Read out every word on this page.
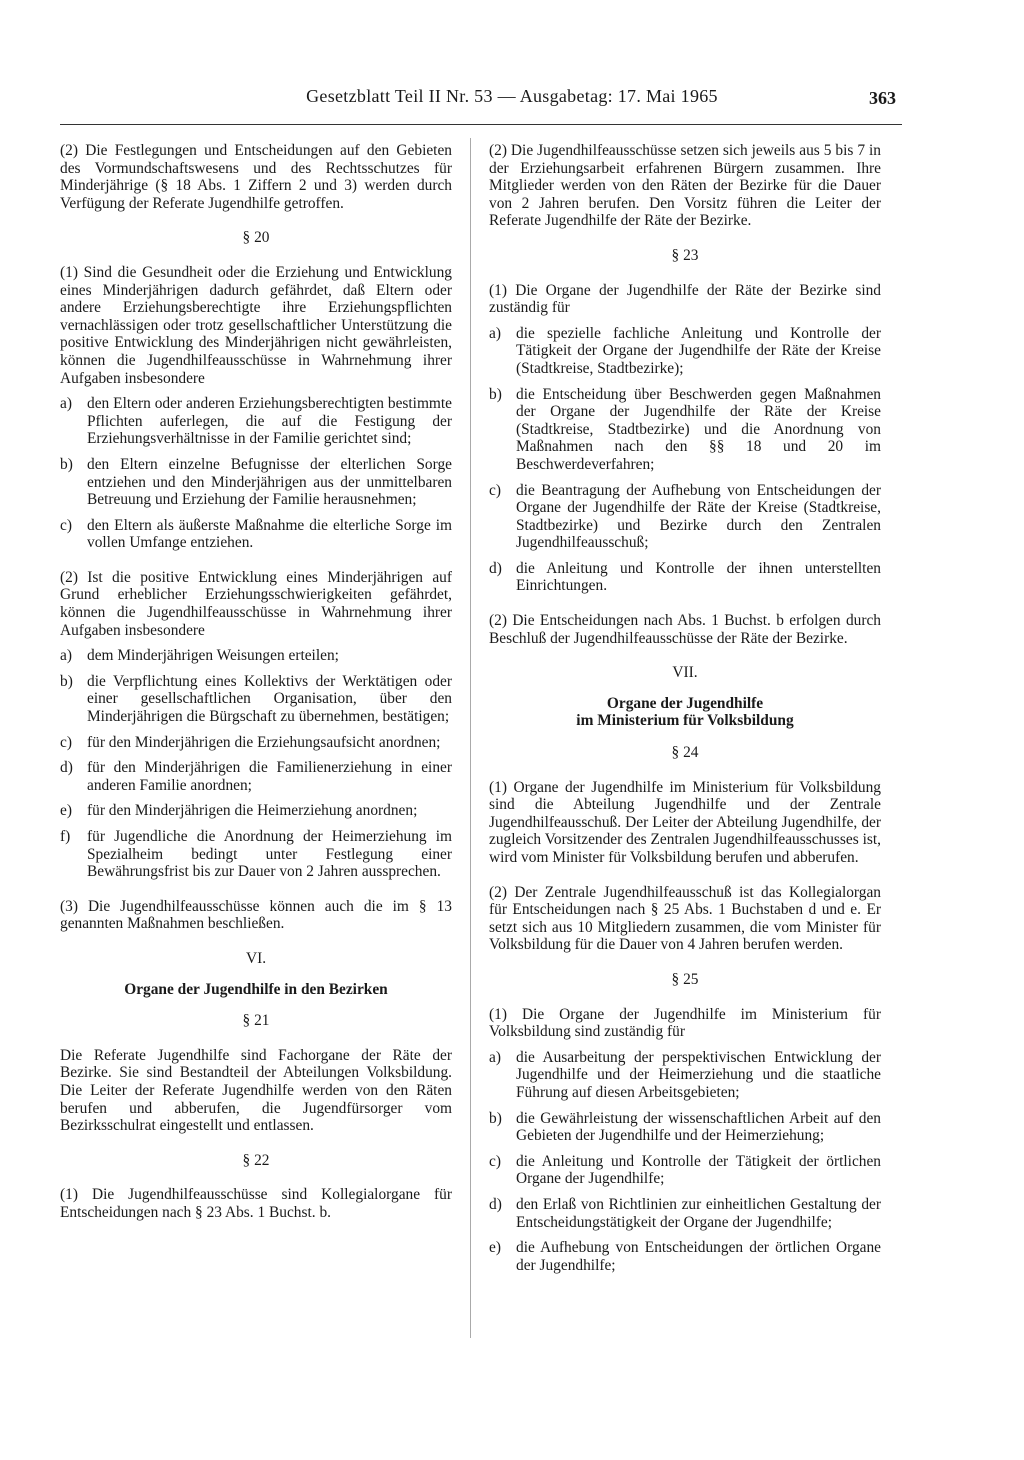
Gesetzblatt Teil II Nr. 53 — Ausgabetag: 17. Mai 1965	363

(2) Die Festlegungen und Entscheidungen auf den Gebieten des Vormundschaftswesens und des Rechtsschutzes für Minderjährige (§ 18 Abs. 1 Ziffern 2 und 3) werden durch Verfügung der Referate Jugendhilfe getroffen.

§ 20

(1) Sind die Gesundheit oder die Erziehung und Entwicklung eines Minderjährigen dadurch gefährdet, daß Eltern oder andere Erziehungsberechtigte ihre Erziehungspflichten vernachlässigen oder trotz gesellschaftlicher Unterstützung die positive Entwicklung des Minderjährigen nicht gewährleisten, können die Jugendhilfeausschüsse in Wahrnehmung ihrer Aufgaben insbesondere

a) den Eltern oder anderen Erziehungsberechtigten bestimmte Pflichten auferlegen, die auf die Festigung der Erziehungsverhältnisse in der Familie gerichtet sind;
b) den Eltern einzelne Befugnisse der elterlichen Sorge entziehen und den Minderjährigen aus der unmittelbaren Betreuung und Erziehung der Familie herausnehmen;
c) den Eltern als äußerste Maßnahme die elterliche Sorge im vollen Umfange entziehen.

(2) Ist die positive Entwicklung eines Minderjährigen auf Grund erheblicher Erziehungsschwierigkeiten gefährdet, können die Jugendhilfeausschüsse in Wahrnehmung ihrer Aufgaben insbesondere

a) dem Minderjährigen Weisungen erteilen;
b) die Verpflichtung eines Kollektivs der Werktätigen oder einer gesellschaftlichen Organisation, über den Minderjährigen die Bürgschaft zu übernehmen, bestätigen;
c) für den Minderjährigen die Erziehungsaufsicht anordnen;
d) für den Minderjährigen die Familienerziehung in einer anderen Familie anordnen;
e) für den Minderjährigen die Heimerziehung anordnen;
f) für Jugendliche die Anordnung der Heimerziehung im Spezialheim bedingt unter Festlegung einer Bewährungsfrist bis zur Dauer von 2 Jahren aussprechen.

(3) Die Jugendhilfeausschüsse können auch die im § 13 genannten Maßnahmen beschließen.

VI.
Organe der Jugendhilfe in den Bezirken
§ 21

Die Referate Jugendhilfe sind Fachorgane der Räte der Bezirke. Sie sind Bestandteil der Abteilungen Volksbildung. Die Leiter der Referate Jugendhilfe werden von den Räten berufen und abberufen, die Jugendfürsorger vom Bezirksschulrat eingestellt und entlassen.

§ 22

(1) Die Jugendhilfeausschüsse sind Kollegialorgane für Entscheidungen nach § 23 Abs. 1 Buchst. b.

(2) Die Jugendhilfeausschüsse setzen sich jeweils aus 5 bis 7 in der Erziehungsarbeit erfahrenen Bürgern zusammen. Ihre Mitglieder werden von den Räten der Bezirke für die Dauer von 2 Jahren berufen. Den Vorsitz führen die Leiter der Referate Jugendhilfe der Räte der Bezirke.

§ 23

(1) Die Organe der Jugendhilfe der Räte der Bezirke sind zuständig für

a) die spezielle fachliche Anleitung und Kontrolle der Tätigkeit der Organe der Jugendhilfe der Räte der Kreise (Stadtkreise, Stadtbezirke);
b) die Entscheidung über Beschwerden gegen Maßnahmen der Organe der Jugendhilfe der Räte der Kreise (Stadtkreise, Stadtbezirke) und die Anordnung von Maßnahmen nach den §§ 18 und 20 im Beschwerdeverfahren;
c) die Beantragung der Aufhebung von Entscheidungen der Organe der Jugendhilfe der Räte der Kreise (Stadtkreise, Stadtbezirke) und Bezirke durch den Zentralen Jugendhilfeausschuß;
d) die Anleitung und Kontrolle der ihnen unterstellten Einrichtungen.

(2) Die Entscheidungen nach Abs. 1 Buchst. b erfolgen durch Beschluß der Jugendhilfeausschüsse der Räte der Bezirke.

VII.
Organe der Jugendhilfe
im Ministerium für Volksbildung
§ 24

(1) Organe der Jugendhilfe im Ministerium für Volksbildung sind die Abteilung Jugendhilfe und der Zentrale Jugendhilfeausschuß. Der Leiter der Abteilung Jugendhilfe, der zugleich Vorsitzender des Zentralen Jugendhilfeausschusses ist, wird vom Minister für Volksbildung berufen und abberufen.

(2) Der Zentrale Jugendhilfeausschuß ist das Kollegialorgan für Entscheidungen nach § 25 Abs. 1 Buchstaben d und e. Er setzt sich aus 10 Mitgliedern zusammen, die vom Minister für Volksbildung für die Dauer von 4 Jahren berufen werden.

§ 25

(1) Die Organe der Jugendhilfe im Ministerium für Volksbildung sind zuständig für

a) die Ausarbeitung der perspektivischen Entwicklung der Jugendhilfe und der Heimerziehung und die staatliche Führung auf diesen Arbeitsgebieten;
b) die Gewährleistung der wissenschaftlichen Arbeit auf den Gebieten der Jugendhilfe und der Heimerziehung;
c) die Anleitung und Kontrolle der Tätigkeit der örtlichen Organe der Jugendhilfe;
d) den Erlaß von Richtlinien zur einheitlichen Gestaltung der Entscheidungstätigkeit der Organe der Jugendhilfe;
e) die Aufhebung von Entscheidungen der örtlichen Organe der Jugendhilfe;
